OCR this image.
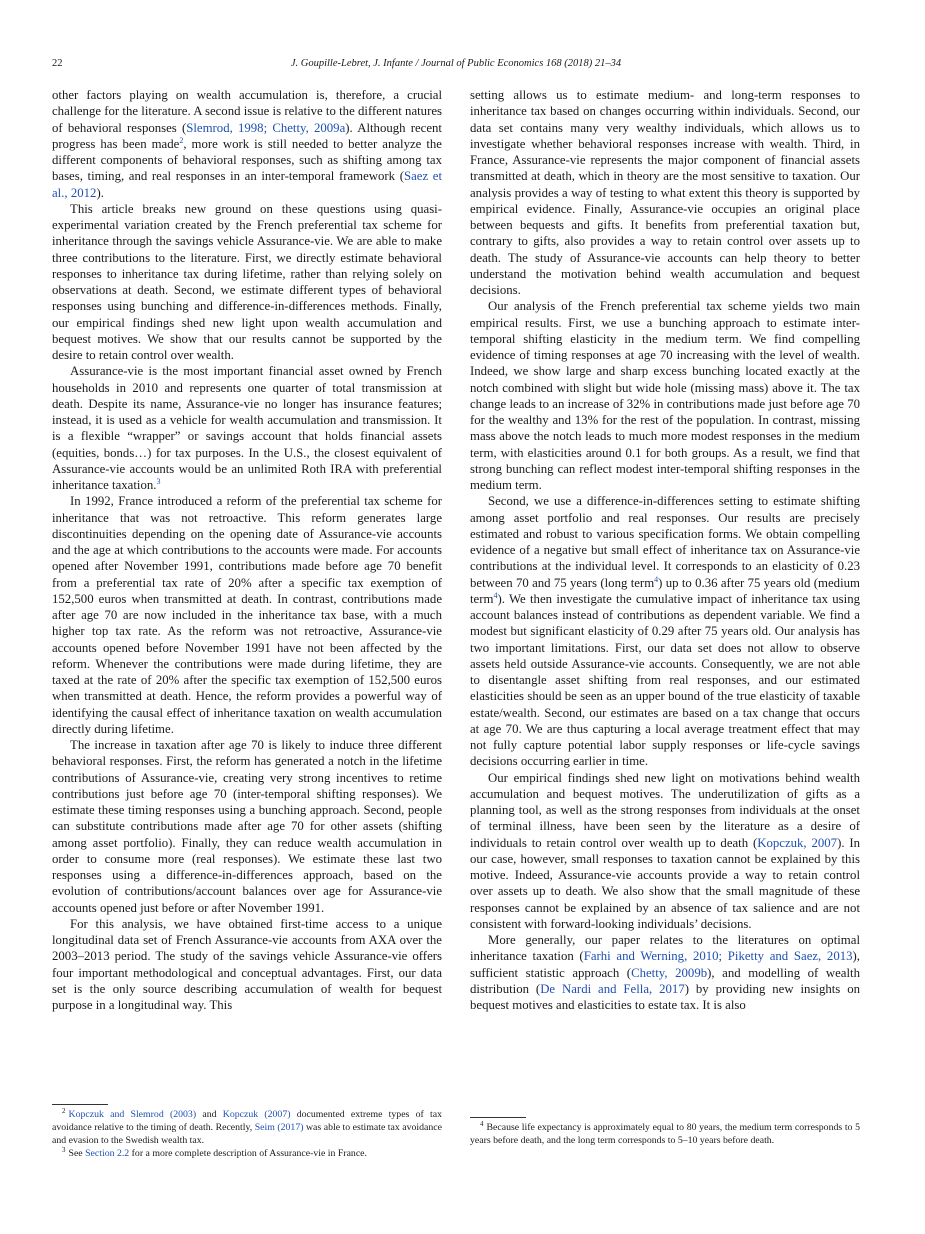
22	J. Goupille-Lebret, J. Infante / Journal of Public Economics 168 (2018) 21–34

other factors playing on wealth accumulation is, therefore, a crucial challenge for the literature. A second issue is relative to the different natures of behavioral responses (Slemrod, 1998; Chetty, 2009a). Although recent progress has been made$^2$, more work is still needed to better analyze the different components of behavioral responses, such as shifting among tax bases, timing, and real responses in an inter-temporal framework (Saez et al., 2012).

This article breaks new ground on these questions using quasi-experimental variation created by the French preferential tax scheme for inheritance through the savings vehicle Assurance-vie. We are able to make three contributions to the literature. First, we directly estimate behavioral responses to inheritance tax during lifetime, rather than relying solely on observations at death. Second, we estimate different types of behavioral responses using bunching and difference-in-differences methods. Finally, our empirical findings shed new light upon wealth accumulation and bequest motives. We show that our results cannot be supported by the desire to retain control over wealth.

Assurance-vie is the most important financial asset owned by French households in 2010 and represents one quarter of total transmission at death. Despite its name, Assurance-vie no longer has insurance features; instead, it is used as a vehicle for wealth accumulation and transmission. It is a flexible “wrapper” or savings account that holds financial assets (equities, bonds…) for tax purposes. In the U.S., the closest equivalent of Assurance-vie accounts would be an unlimited Roth IRA with preferential inheritance taxation.$^3$

In 1992, France introduced a reform of the preferential tax scheme for inheritance that was not retroactive. This reform generates large discontinuities depending on the opening date of Assurance-vie accounts and the age at which contributions to the accounts were made. For accounts opened after November 1991, contributions made before age 70 benefit from a preferential tax rate of 20% after a specific tax exemption of 152,500 euros when transmitted at death. In contrast, contributions made after age 70 are now included in the inheritance tax base, with a much higher top tax rate. As the reform was not retroactive, Assurance-vie accounts opened before November 1991 have not been affected by the reform. Whenever the contributions were made during lifetime, they are taxed at the rate of 20% after the specific tax exemption of 152,500 euros when transmitted at death. Hence, the reform provides a powerful way of identifying the causal effect of inheritance taxation on wealth accumulation directly during lifetime.

The increase in taxation after age 70 is likely to induce three different behavioral responses. First, the reform has generated a notch in the lifetime contributions of Assurance-vie, creating very strong incentives to retime contributions just before age 70 (inter-temporal shifting responses). We estimate these timing responses using a bunching approach. Second, people can substitute contributions made after age 70 for other assets (shifting among asset portfolio). Finally, they can reduce wealth accumulation in order to consume more (real responses). We estimate these last two responses using a difference-in-differences approach, based on the evolution of contributions/account balances over age for Assurance-vie accounts opened just before or after November 1991.

For this analysis, we have obtained first-time access to a unique longitudinal data set of French Assurance-vie accounts from AXA over the 2003–2013 period. The study of the savings vehicle Assurance-vie offers four important methodological and conceptual advantages. First, our data set is the only source describing accumulation of wealth for bequest purpose in a longitudinal way. This

setting allows us to estimate medium- and long-term responses to inheritance tax based on changes occurring within individuals. Second, our data set contains many very wealthy individuals, which allows us to investigate whether behavioral responses increase with wealth. Third, in France, Assurance-vie represents the major component of financial assets transmitted at death, which in theory are the most sensitive to taxation. Our analysis provides a way of testing to what extent this theory is supported by empirical evidence. Finally, Assurance-vie occupies an original place between bequests and gifts. It benefits from preferential taxation but, contrary to gifts, also provides a way to retain control over assets up to death. The study of Assurance-vie accounts can help theory to better understand the motivation behind wealth accumulation and bequest decisions.

Our analysis of the French preferential tax scheme yields two main empirical results. First, we use a bunching approach to estimate inter-temporal shifting elasticity in the medium term. We find compelling evidence of timing responses at age 70 increasing with the level of wealth. Indeed, we show large and sharp excess bunching located exactly at the notch combined with slight but wide hole (missing mass) above it. The tax change leads to an increase of 32% in contributions made just before age 70 for the wealthy and 13% for the rest of the population. In contrast, missing mass above the notch leads to much more modest responses in the medium term, with elasticities around 0.1 for both groups. As a result, we find that strong bunching can reflect modest inter-temporal shifting responses in the medium term.

Second, we use a difference-in-differences setting to estimate shifting among asset portfolio and real responses. Our results are precisely estimated and robust to various specification forms. We obtain compelling evidence of a negative but small effect of inheritance tax on Assurance-vie contributions at the individual level. It corresponds to an elasticity of 0.23 between 70 and 75 years (long term$^4$) up to 0.36 after 75 years old (medium term$^4$). We then investigate the cumulative impact of inheritance tax using account balances instead of contributions as dependent variable. We find a modest but significant elasticity of 0.29 after 75 years old. Our analysis has two important limitations. First, our data set does not allow to observe assets held outside Assurance-vie accounts. Consequently, we are not able to disentangle asset shifting from real responses, and our estimated elasticities should be seen as an upper bound of the true elasticity of taxable estate/wealth. Second, our estimates are based on a tax change that occurs at age 70. We are thus capturing a local average treatment effect that may not fully capture potential labor supply responses or life-cycle savings decisions occurring earlier in time.

Our empirical findings shed new light on motivations behind wealth accumulation and bequest motives. The underutilization of gifts as a planning tool, as well as the strong responses from individuals at the onset of terminal illness, have been seen by the literature as a desire of individuals to retain control over wealth up to death (Kopczuk, 2007). In our case, however, small responses to taxation cannot be explained by this motive. Indeed, Assurance-vie accounts provide a way to retain control over assets up to death. We also show that the small magnitude of these responses cannot be explained by an absence of tax salience and are not consistent with forward-looking individuals’ decisions.

More generally, our paper relates to the literatures on optimal inheritance taxation (Farhi and Werning, 2010; Piketty and Saez, 2013), sufficient statistic approach (Chetty, 2009b), and modelling of wealth distribution (De Nardi and Fella, 2017) by providing new insights on bequest motives and elasticities to estate tax. It is also

$^2$ Kopczuk and Slemrod (2003) and Kopczuk (2007) documented extreme types of tax avoidance relative to the timing of death. Recently, Seim (2017) was able to estimate tax avoidance and evasion to the Swedish wealth tax.

$^3$ See Section 2.2 for a more complete description of Assurance-vie in France.

$^4$ Because life expectancy is approximately equal to 80 years, the medium term corresponds to 5 years before death, and the long term corresponds to 5–10 years before death.
